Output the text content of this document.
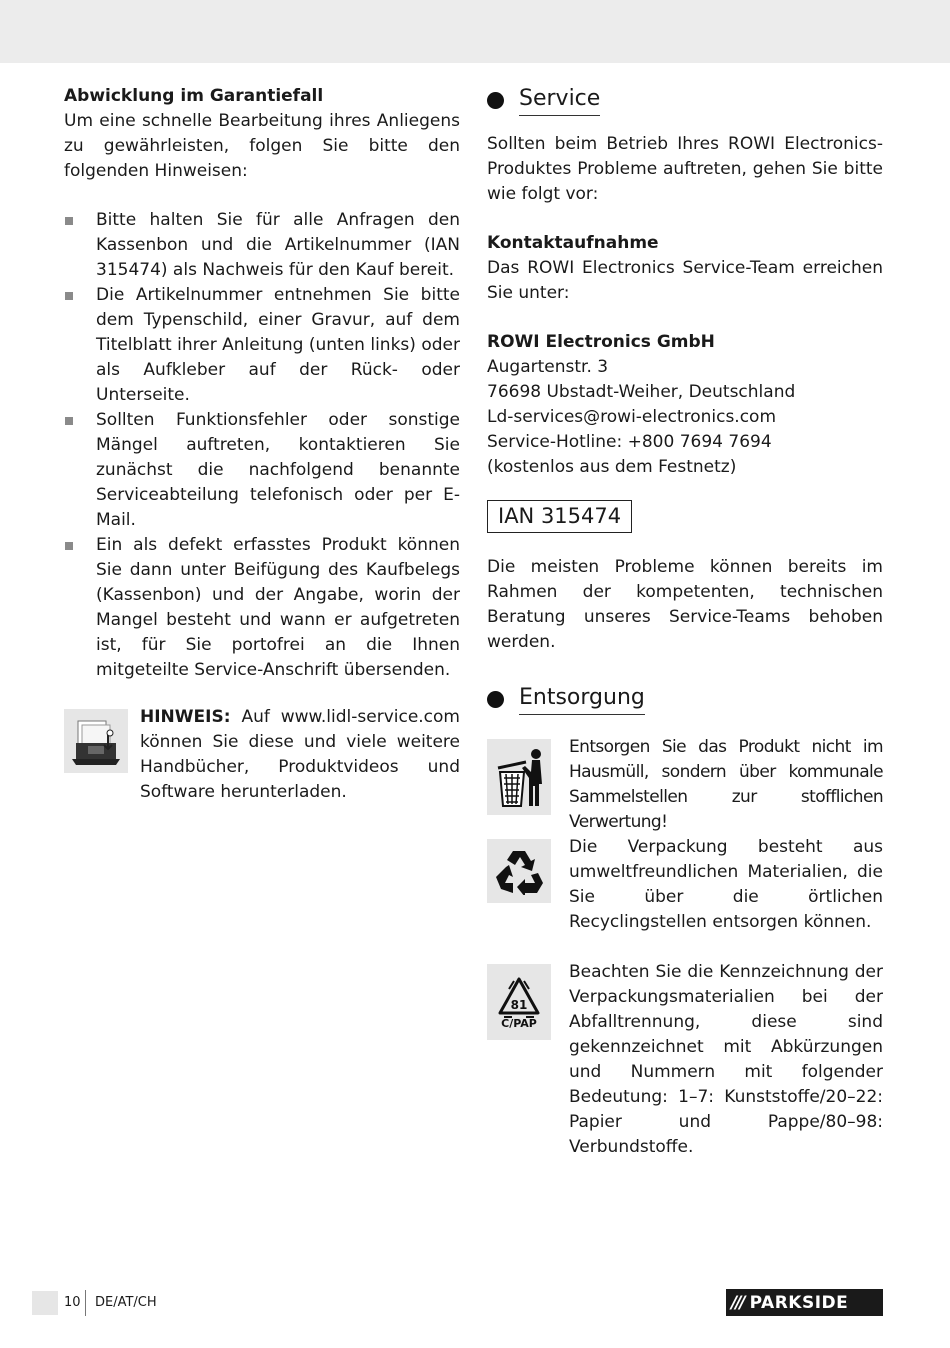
Abwicklung im Garantiefall

Um eine schnelle Bearbeitung ihres Anliegens zu gewährleisten, folgen Sie bitte den folgenden Hinweisen:

Bitte halten Sie für alle Anfragen den Kassenbon und die Artikelnummer (IAN 315474) als Nachweis für den Kauf bereit.
Die Artikelnummer entnehmen Sie bitte dem Typenschild, einer Gravur, auf dem Titelblatt ihrer Anleitung (unten links) oder als Aufkleber auf der Rück- oder Unterseite.
Sollten Funktionsfehler oder sonstige Mängel auftreten, kontaktieren Sie zunächst die nachfolgend benannte Serviceabteilung telefonisch oder per E-Mail.
Ein als defekt erfasstes Produkt können Sie dann unter Beifügung des Kaufbelegs (Kassenbon) und der Angabe, worin der Mangel besteht und wann er aufgetreten ist, für Sie portofrei an die Ihnen mitgeteilte Service-Anschrift übersenden.

HINWEIS: Auf www.lidl-service.com können Sie diese und viele weitere Handbücher, Produktvideos und Software herunterladen.

Service

Sollten beim Betrieb Ihres ROWI Electronics-Produktes Probleme auftreten, gehen Sie bitte wie folgt vor:

Kontaktaufnahme

Das ROWI Electronics Service-Team erreichen Sie unter:

ROWI Electronics GmbH

Augartenstr. 3

76698 Ubstadt-Weiher, Deutschland

Ld-services@rowi-electronics.com

Service-Hotline: +800 7694 7694

(kostenlos aus dem Festnetz)

IAN 315474

Die meisten Probleme können bereits im Rahmen der kompetenten, technischen Beratung unseres Service-Teams behoben werden.

Entsorgung

Entsorgen Sie das Produkt nicht im Hausmüll, sondern über kommunale Sammelstellen zur stofflichen Verwertung!

Die Verpackung besteht aus umweltfreundlichen Materialien, die Sie über die örtlichen Recyclingstellen entsorgen können.

81
C/PAP

Beachten Sie die Kennzeichnung der Verpackungsmaterialien bei der Abfalltrennung, diese sind gekennzeichnet mit Abkürzungen und Nummern mit folgender Bedeutung: 1–7: Kunststoffe/20–22: Papier und Pappe/80–98: Verbundstoffe.

10 DE/AT/CH	/// PARKSIDE
